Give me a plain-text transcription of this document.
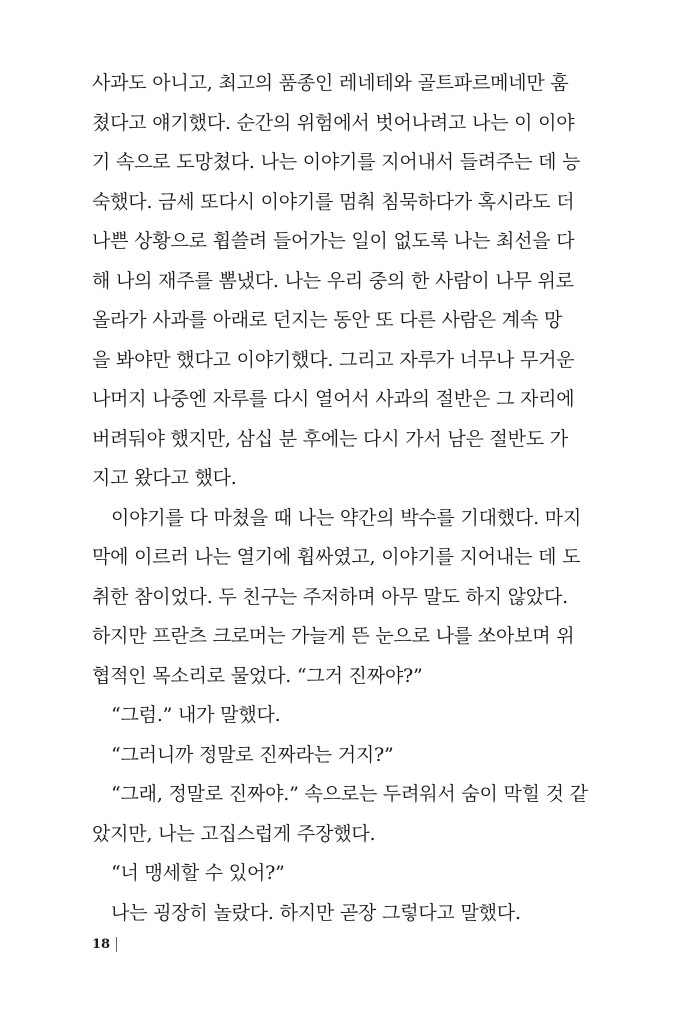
사과도 아니고, 최고의 품종인 레네테와 골트파르메네만 훔
쳤다고 얘기했다. 순간의 위험에서 벗어나려고 나는 이 이야
기 속으로 도망쳤다. 나는 이야기를 지어내서 들려주는 데 능
숙했다. 금세 또다시 이야기를 멈춰 침묵하다가 혹시라도 더
나쁜 상황으로 휩쓸려 들어가는 일이 없도록 나는 최선을 다
해 나의 재주를 뽐냈다. 나는 우리 중의 한 사람이 나무 위로
올라가 사과를 아래로 던지는 동안 또 다른 사람은 계속 망
을 봐야만 했다고 이야기했다. 그리고 자루가 너무나 무거운
나머지 나중엔 자루를 다시 열어서 사과의 절반은 그 자리에
버려둬야 했지만, 삼십 분 후에는 다시 가서 남은 절반도 가
지고 왔다고 했다.
이야기를 다 마쳤을 때 나는 약간의 박수를 기대했다. 마지
막에 이르러 나는 열기에 휩싸였고, 이야기를 지어내는 데 도
취한 참이었다. 두 친구는 주저하며 아무 말도 하지 않았다.
하지만 프란츠 크로머는 가늘게 뜬 눈으로 나를 쏘아보며 위
협적인 목소리로 물었다. “그거 진짜야?”
“그럼.” 내가 말했다.
“그러니까 정말로 진짜라는 거지?”
“그래, 정말로 진짜야.” 속으로는 두려워서 숨이 막힐 것 같
았지만, 나는 고집스럽게 주장했다.
“너 맹세할 수 있어?”
나는 굉장히 놀랐다. 하지만 곧장 그렇다고 말했다.
18
